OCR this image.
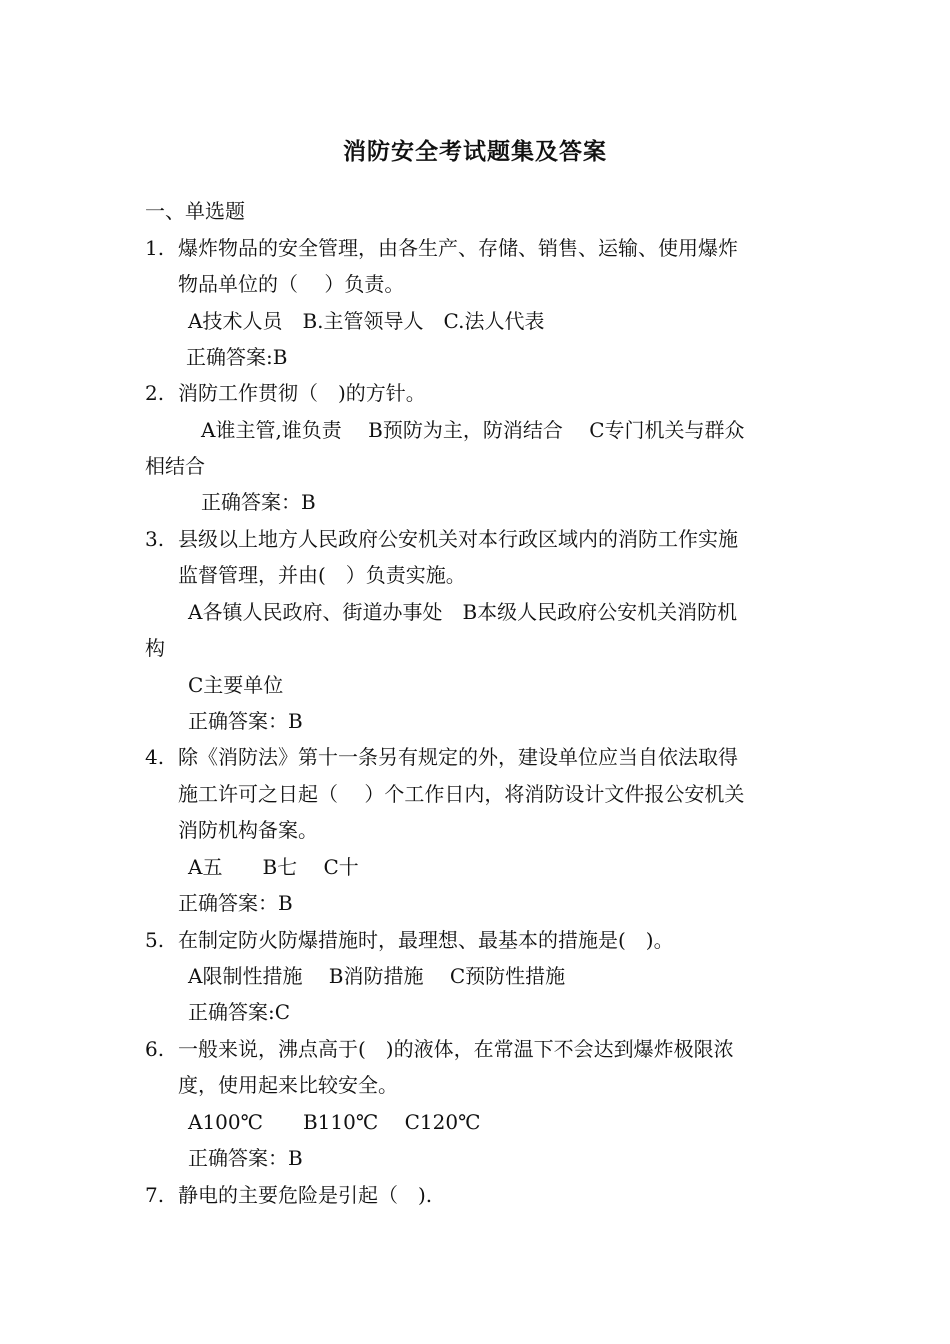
消防安全考试题集及答案
一、单选题
1. 爆炸物品的安全管理，由各生产、存储、销售、运输、使用爆炸
物品单位的（　 ）负责。
A技术人员　B.主管领导人　C.法人代表
正确答案:B
2. 消防工作贯彻（　)的方针。
A谁主管,谁负责　 B预防为主，防消结合　 C专门机关与群众
相结合
正确答案：B
3. 县级以上地方人民政府公安机关对本行政区域内的消防工作实施
监督管理，并由(　）负责实施。
A各镇人民政府、街道办事处　B本级人民政府公安机关消防机
构
C主要单位
正确答案：B
4. 除《消防法》第十一条另有规定的外，建设单位应当自依法取得
施工许可之日起（　 ）个工作日内，将消防设计文件报公安机关
消防机构备案。
A五　　B七　 C十
正确答案：B
5. 在制定防火防爆措施时，最理想、最基本的措施是(　)。
A限制性措施　 B消防措施　 C预防性措施
正确答案:C
6. 一般来说，沸点高于(　)的液体，在常温下不会达到爆炸极限浓
度，使用起来比较安全。
A100℃　　B110℃　 C120℃
正确答案：B
7. 静电的主要危险是引起（　).
